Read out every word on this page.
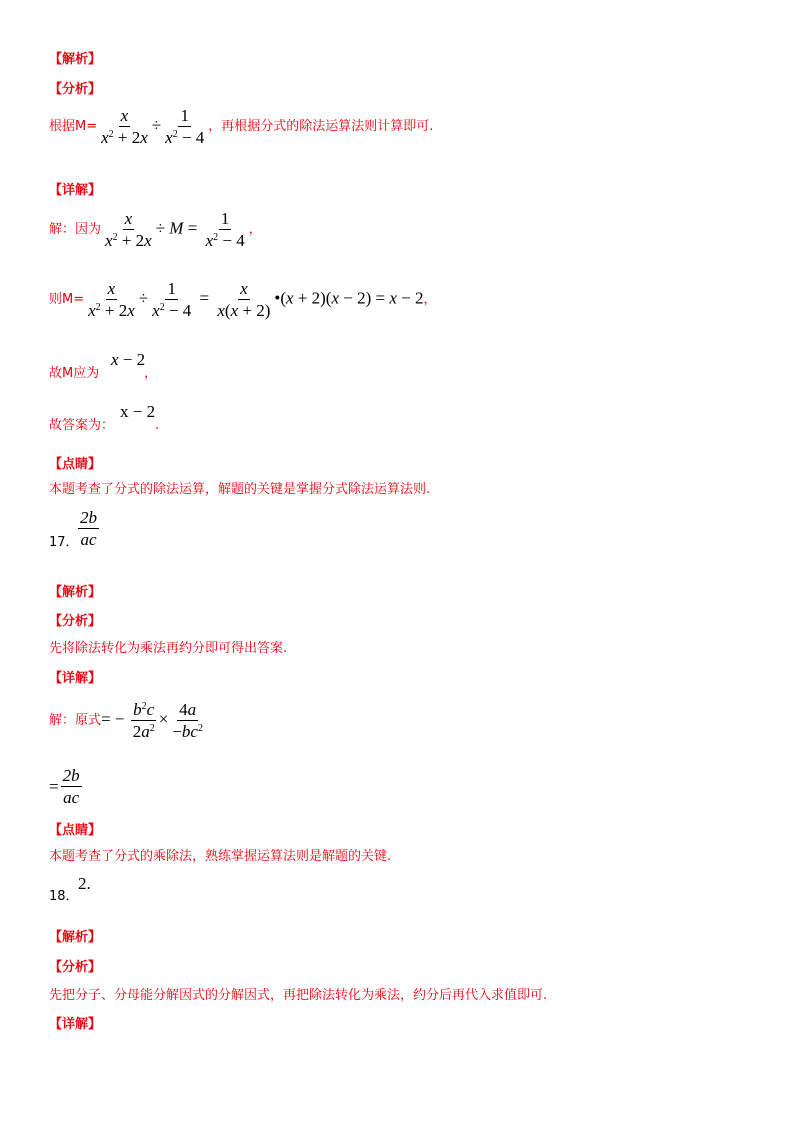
【解析】
【分析】
根据$M= \frac{x}{x^2 + 2x} \div \frac{1}{x^2 - 4}$ ，再根据分式的除法运算法则计算即可.
【详解】
解：因为 $\frac{x}{x^2 + 2x} \div M = \frac{1}{x^2 - 4}$ ，
则$M= \frac{x}{x^2 + 2x} \div \frac{1}{x^2 - 4} = \frac{x}{x(x + 2)}$ •(x + 2)(x − 2) = x − 2 ，
故M应为
x − 2
，
故答案为：
x − 2
.
【点睛】
本题考查了分式的除法运算，解题的关键是掌握分式除法运算法则.
17． $\frac{2b}{ac}$
【解析】
【分析】
先将除法转化为乘法再约分即可得出答案.
【详解】
解：原式 = − $\frac{b^2c}{2a^2} \times \frac{4a}{-bc^2}$
= $\frac{2b}{ac}$
【点睛】
本题考查了分式的乘除法，熟练掌握运算法则是解题的关键.
18．
2.
【解析】
【分析】
先把分子、分母能分解因式的分解因式，再把除法转化为乘法，约分后再代入求值即可.
【详解】
